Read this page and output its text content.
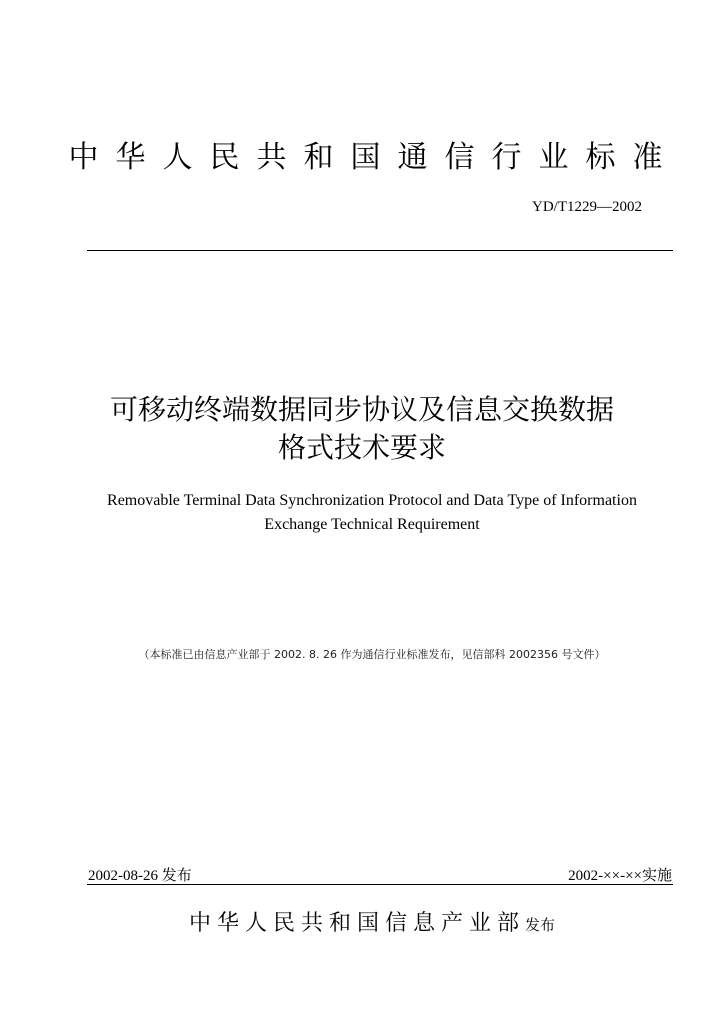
中华人民共和国通信行业标准
YD/T1229—2002
可移动终端数据同步协议及信息交换数据
格式技术要求
Removable Terminal Data Synchronization Protocol and Data Type of Information
Exchange Technical Requirement
（本标准已由信息产业部于 2002. 8. 26 作为通信行业标准发布，见信部科 2002356 号文件）
2002-08-26 发布	2002-××-××实施
中华人民共和国信息产业部发布
